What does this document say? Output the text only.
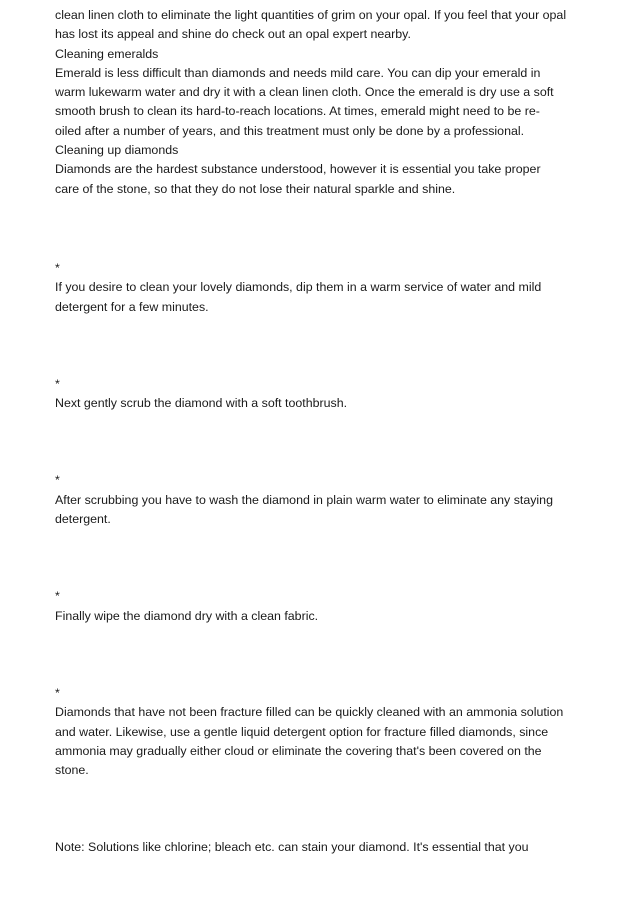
clean linen cloth to eliminate the light quantities of grim on your opal. If you feel that your opal
has lost its appeal and shine do check out an opal expert nearby.
Cleaning emeralds
Emerald is less difficult than diamonds and needs mild care. You can dip your emerald in
warm lukewarm water and dry it with a clean linen cloth. Once the emerald is dry use a soft
smooth brush to clean its hard-to-reach locations. At times, emerald might need to be re-
oiled after a number of years, and this treatment must only be done by a professional.
Cleaning up diamonds
Diamonds are the hardest substance understood, however it is essential you take proper
care of the stone, so that they do not lose their natural sparkle and shine.
*
If you desire to clean your lovely diamonds, dip them in a warm service of water and mild
detergent for a few minutes.
*
Next gently scrub the diamond with a soft toothbrush.
*
After scrubbing you have to wash the diamond in plain warm water to eliminate any staying
detergent.
*
Finally wipe the diamond dry with a clean fabric.
*
Diamonds that have not been fracture filled can be quickly cleaned with an ammonia solution
and water. Likewise, use a gentle liquid detergent option for fracture filled diamonds, since
ammonia may gradually either cloud or eliminate the covering that's been covered on the
stone.
Note: Solutions like chlorine; bleach etc. can stain your diamond. It's essential that you
